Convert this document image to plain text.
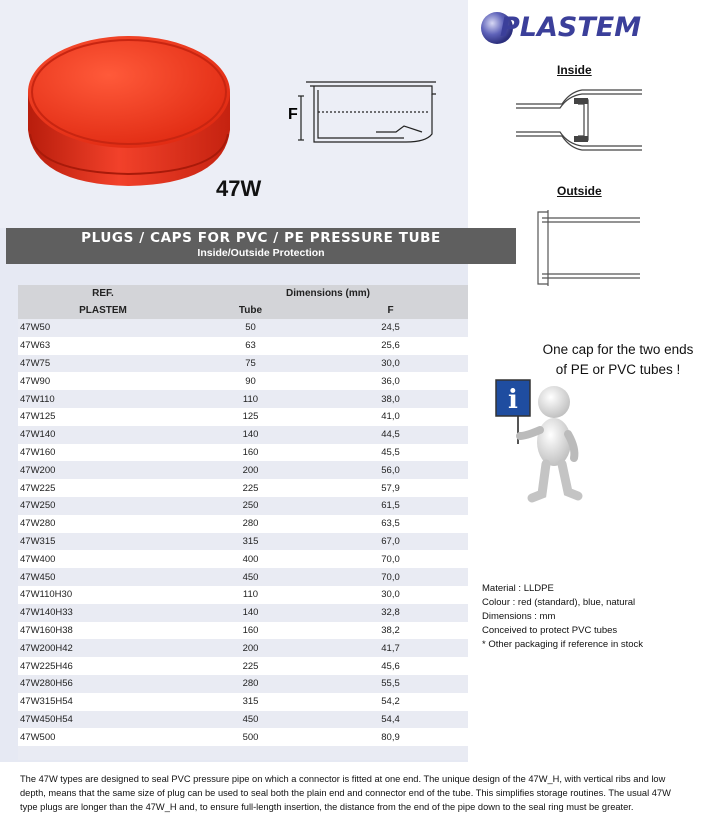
47W
F
PLASTEM
Inside
Outside
PLUGS / CAPS FOR PVC / PE PRESSURE TUBE
Inside/Outside Protection
REF.	Dimensions (mm)	
PLASTEM	Tube	F
47W50	50	24,5
47W63	63	25,6
47W75	75	30,0
47W90	90	36,0
47W110	110	38,0
47W125	125	41,0
47W140	140	44,5
47W160	160	45,5
47W200	200	56,0
47W225	225	57,9
47W250	250	61,5
47W280	280	63,5
47W315	315	67,0
47W400	400	70,0
47W450	450	70,0
47W110H30	110	30,0
47W140H33	140	32,8
47W160H38	160	38,2
47W200H42	200	41,7
47W225H46	225	45,6
47W280H56	280	55,5
47W315H54	315	54,2
47W450H54	450	54,4
47W500	500	80,9

One cap for the two ends
of PE or PVC tubes !
i
Material : LLDPE
Colour : red (standard), blue, natural
Dimensions : mm
Conceived to protect PVC tubes
* Other packaging if reference in stock
The 47W types are designed to seal PVC pressure pipe on which a connector is fitted at one end. The unique design of the 47W_H, with vertical ribs and low depth, means that the same size of plug can be used to seal both the plain end and connector end of the tube. This simplifies storage routines. The usual 47W type plugs are longer than the 47W_H and, to ensure full-length insertion, the distance from the end of the pipe down to the seal ring must be greater.
